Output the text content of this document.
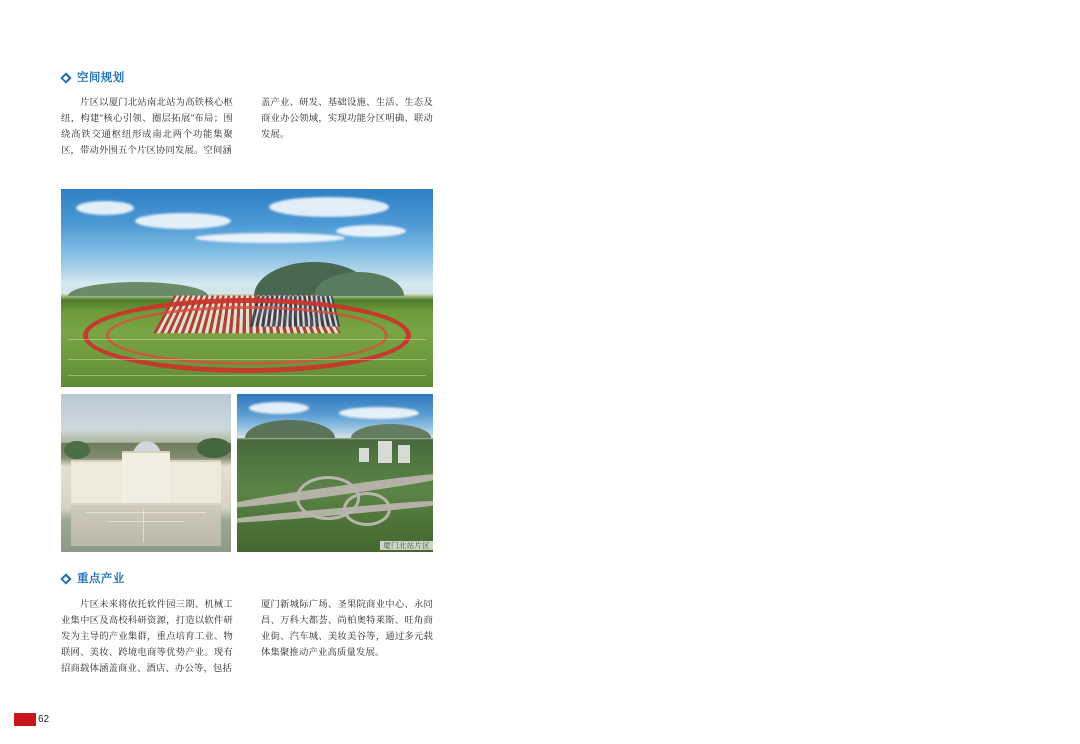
空间规划

片区以厦门北站南北站为高铁核心枢纽，构建“核心引领、圈层拓展”布局；围绕高铁交通枢纽形成南北两个功能集聚区，带动外围五个片区协同发展。空间涵

盖产业、研发、基础设施、生活、生态及商业办公领域，实现功能分区明确、联动发展。

厦门北站片区
重点产业

片区未来将依托软件园三期、机械工业集中区及高校科研资源，打造以软件研发为主导的产业集群，重点培育工业、物联网、美妆、跨境电商等优势产业。现有招商载体涵盖商业、酒店、办公等，包括

厦门新城际广场、圣果院商业中心、永同昌、万科大都荟、尚柏奥特莱斯、旺角商业街、汽车城、美妆美谷等，通过多元载体集聚推动产业高质量发展。

62
